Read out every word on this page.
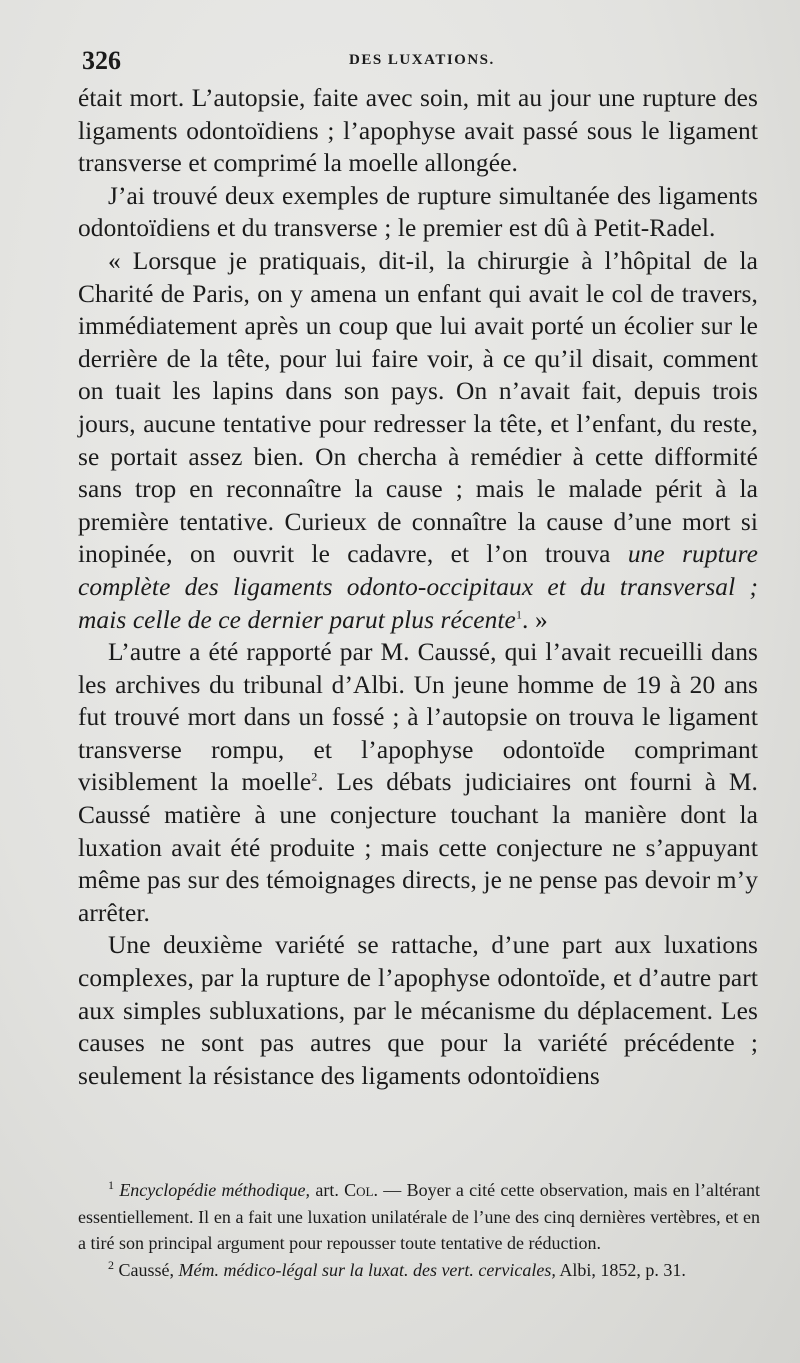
326	DES LUXATIONS.

était mort. L’autopsie, faite avec soin, mit au jour une rupture des ligaments odontoïdiens ; l’apophyse avait passé sous le ligament transverse et comprimé la moelle allongée.

J’ai trouvé deux exemples de rupture simultanée des ligaments odontoïdiens et du transverse ; le premier est dû à Petit-Radel.

« Lorsque je pratiquais, dit-il, la chirurgie à l’hôpital de la Charité de Paris, on y amena un enfant qui avait le col de travers, immédiatement après un coup que lui avait porté un écolier sur le derrière de la tête, pour lui faire voir, à ce qu’il disait, comment on tuait les lapins dans son pays. On n’avait fait, depuis trois jours, aucune tentative pour redresser la tête, et l’enfant, du reste, se portait assez bien. On chercha à remédier à cette difformité sans trop en reconnaître la cause ; mais le malade périt à la première tentative. Curieux de connaître la cause d’une mort si inopinée, on ouvrit le cadavre, et l’on trouva une rupture complète des ligaments odonto-occipitaux et du transversal ; mais celle de ce dernier parut plus récente$^1$. »

L’autre a été rapporté par M. Caussé, qui l’avait recueilli dans les archives du tribunal d’Albi. Un jeune homme de 19 à 20 ans fut trouvé mort dans un fossé ; à l’autopsie on trouva le ligament transverse rompu, et l’apophyse odontoïde comprimant visiblement la moelle$^2$. Les débats judiciaires ont fourni à M. Caussé matière à une conjecture touchant la manière dont la luxation avait été produite ; mais cette conjecture ne s’appuyant même pas sur des témoignages directs, je ne pense pas devoir m’y arrêter.

Une deuxième variété se rattache, d’une part aux luxations complexes, par la rupture de l’apophyse odontoïde, et d’autre part aux simples subluxations, par le mécanisme du déplacement. Les causes ne sont pas autres que pour la variété précédente ; seulement la résistance des ligaments odontoïdiens

$^1$ Encyclopédie méthodique, art. Col. — Boyer a cité cette observation, mais en l’altérant essentiellement. Il en a fait une luxation unilatérale de l’une des cinq dernières vertèbres, et en a tiré son principal argument pour repousser toute tentative de réduction.

$^2$ Caussé, Mém. médico-légal sur la luxat. des vert. cervicales, Albi, 1852, p. 31.
